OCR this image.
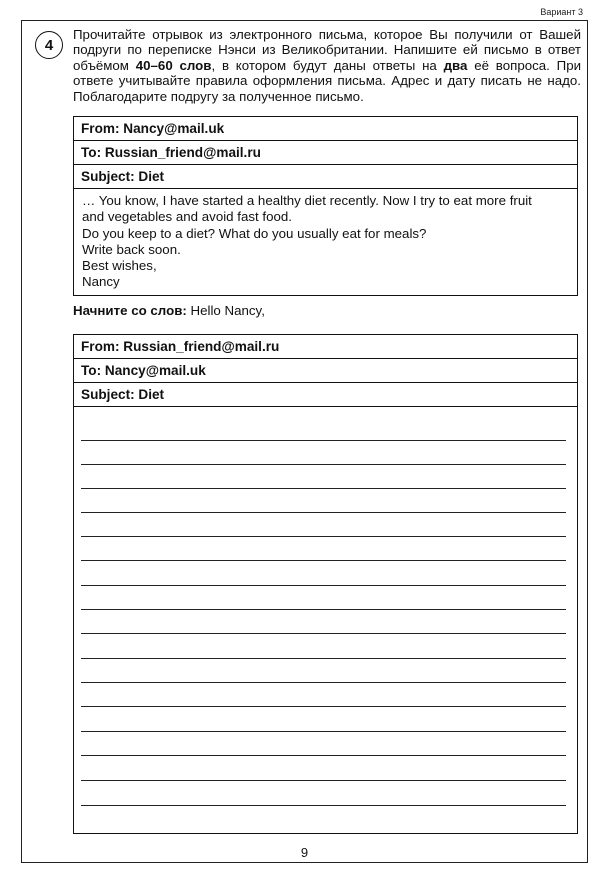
Вариант 3
4
Прочитайте отрывок из электронного письма, которое Вы получили от Вашей подруги по переписке Нэнси из Великобритании. Напишите ей письмо в ответ объёмом 40–60 слов, в котором будут даны ответы на два её вопроса. При ответе учитывайте правила оформления письма. Адрес и дату писать не надо. Поблагодарите подругу за полученное письмо.
From: Nancy@mail.uk
To: Russian_friend@mail.ru
Subject: Diet
… You know, I have started a healthy diet recently. Now I try to eat more fruit
and vegetables and avoid fast food.
Do you keep to a diet? What do you usually eat for meals?
Write back soon.
Best wishes,
Nancy
Начните со слов: Hello Nancy,
From: Russian_friend@mail.ru
To: Nancy@mail.uk
Subject: Diet
9
